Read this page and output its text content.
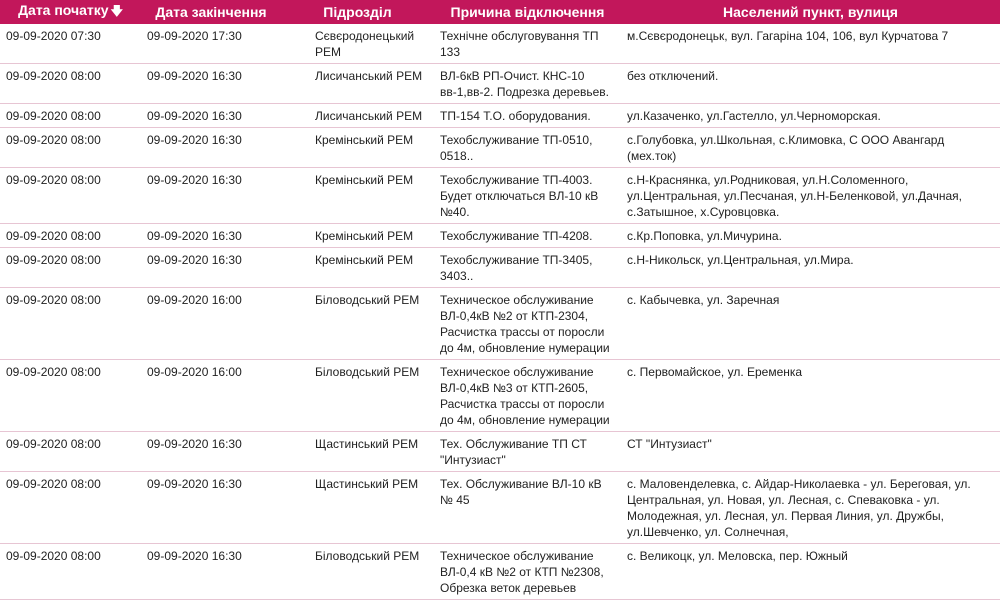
Дата початку 🡇	Дата закінчення	Підрозділ	Причина відключення	Населений пункт, вулиця
09-09-2020 07:30	09-09-2020 17:30	Сєвєродонецький РЕМ	Технічне обслуговування ТП 133	м.Сєвєродонецьк, вул. Гагаріна 104, 106, вул Курчатова 7
09-09-2020 08:00	09-09-2020 16:30	Лисичанський РЕМ	ВЛ-6кВ РП-Очист. КНС-10 вв-1,вв-2. Подрезка деревьев.	без отключений.
09-09-2020 08:00	09-09-2020 16:30	Лисичанський РЕМ	ТП-154 Т.О. оборудования.	ул.Казаченко, ул.Гастелло, ул.Черноморская.
09-09-2020 08:00	09-09-2020 16:30	Кремінський РЕМ	Техобслуживание ТП-0510, 0518..	с.Голубовка, ул.Школьная, с.Климовка, С ООО Авангард (мех.ток)
09-09-2020 08:00	09-09-2020 16:30	Кремінський РЕМ	Техобслуживание ТП-4003. Будет отключаться ВЛ-10 кВ №40.	с.Н-Краснянка, ул.Родниковая, ул.Н.Соломенного, ул.Центральная, ул.Песчаная, ул.Н-Беленковой, ул.Дачная, с.Затышное, х.Суровцовка.
09-09-2020 08:00	09-09-2020 16:30	Кремінський РЕМ	Техобслуживание ТП-4208.	с.Кр.Поповка, ул.Мичурина.
09-09-2020 08:00	09-09-2020 16:30	Кремінський РЕМ	Техобслуживание ТП-3405, 3403..	с.Н-Никольск, ул.Центральная, ул.Мира.
09-09-2020 08:00	09-09-2020 16:00	Біловодський РЕМ	Техническое обслуживание ВЛ-0,4кВ №2 от КТП-2304, Расчистка трассы от поросли до 4м, обновление нумерации	с. Кабычевка, ул. Заречная
09-09-2020 08:00	09-09-2020 16:00	Біловодський РЕМ	Техническое обслуживание ВЛ-0,4кВ №3 от КТП-2605, Расчистка трассы от поросли до 4м, обновление нумерации	с. Первомайское, ул. Еременка
09-09-2020 08:00	09-09-2020 16:30	Щастинський РЕМ	Тех. Обслуживание ТП СТ "Интузиаст"	СТ "Интузиаст"
09-09-2020 08:00	09-09-2020 16:30	Щастинський РЕМ	Тех. Обслуживание ВЛ-10 кВ № 45	с. Маловенделевка, с. Айдар-Николаевка - ул. Береговая, ул. Центральная, ул. Новая, ул. Лесная, с. Спеваковка - ул. Молодежная, ул. Лесная, ул. Первая Линия, ул. Дружбы, ул.Шевченко, ул. Солнечная,
09-09-2020 08:00	09-09-2020 16:30	Біловодський РЕМ	Техническое обслуживание ВЛ-0,4 кВ №2 от КТП №2308, Обрезка веток деревьев	с. Великоцк, ул. Меловска, пер. Южный
